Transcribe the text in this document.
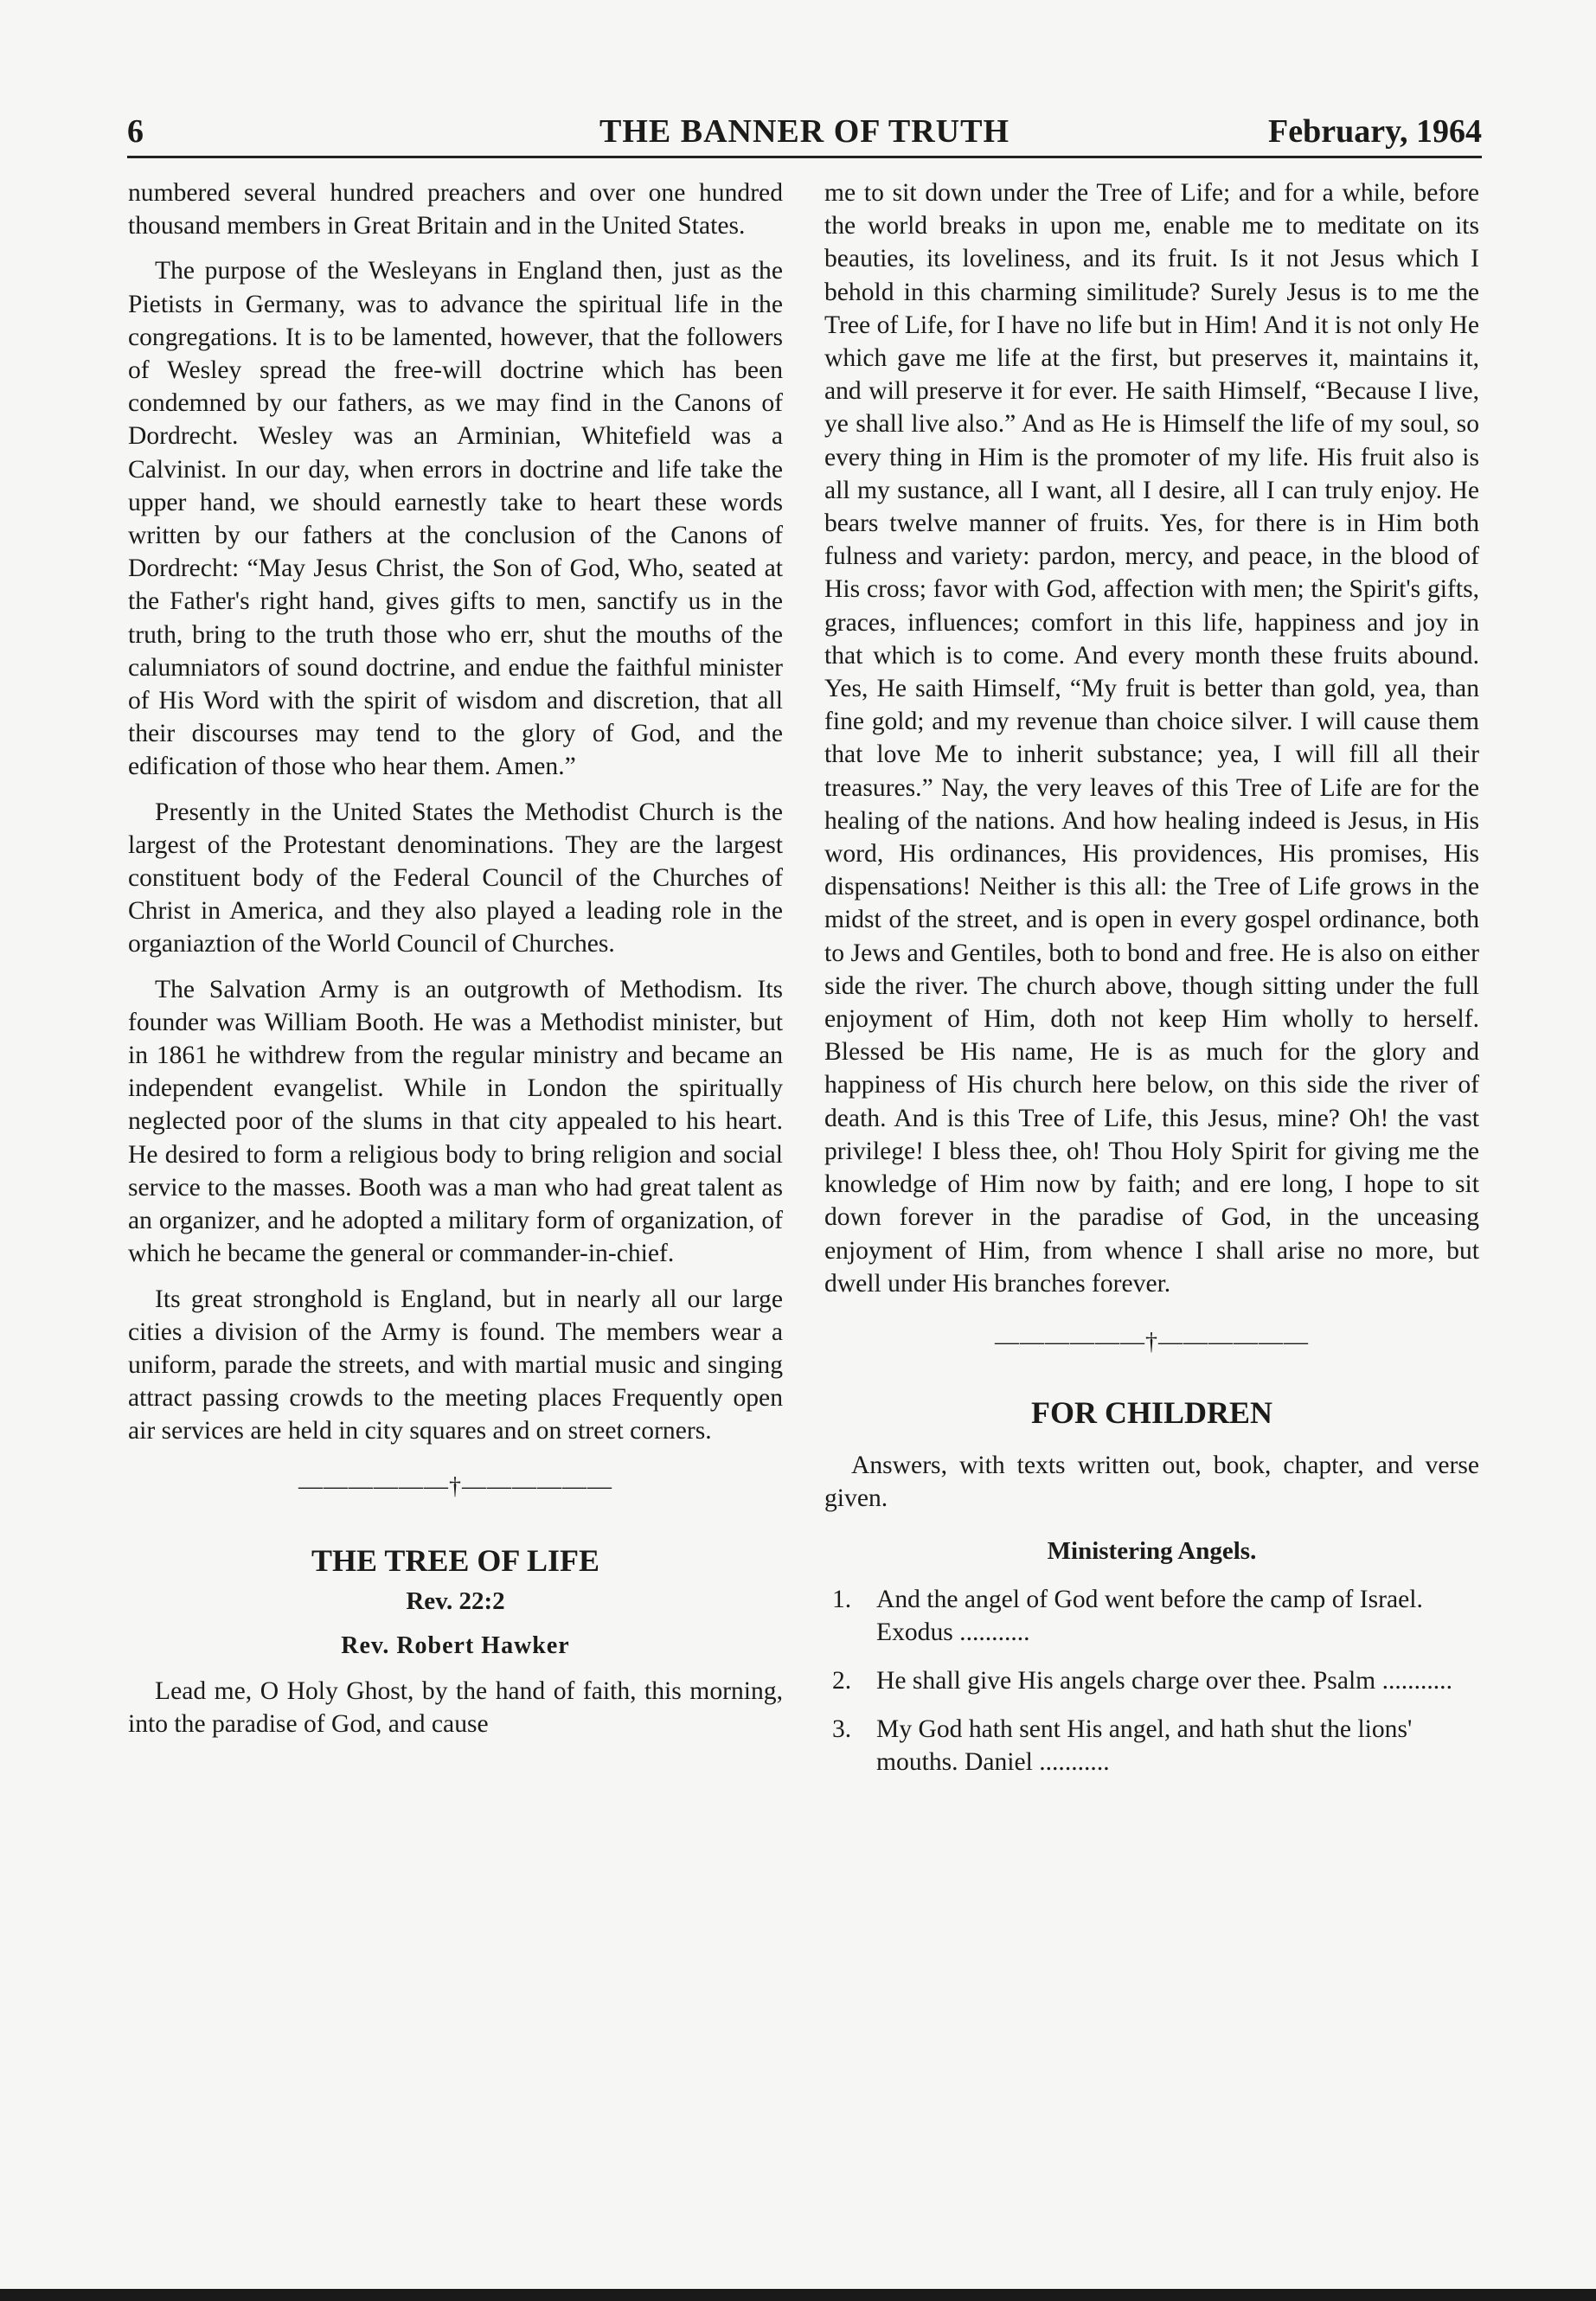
6	THE BANNER OF TRUTH	February, 1964

numbered several hundred preachers and over one hundred thousand members in Great Britain and in the United States.

The purpose of the Wesleyans in England then, just as the Pietists in Germany, was to advance the spiritual life in the congregations. It is to be lamented, however, that the followers of Wesley spread the free-will doctrine which has been condemned by our fathers, as we may find in the Canons of Dordrecht. Wesley was an Arminian, Whitefield was a Calvinist. In our day, when errors in doctrine and life take the upper hand, we should earnestly take to heart these words written by our fathers at the conclusion of the Canons of Dordrecht: “May Jesus Christ, the Son of God, Who, seated at the Father's right hand, gives gifts to men, sanctify us in the truth, bring to the truth those who err, shut the mouths of the calumniators of sound doctrine, and endue the faithful minister of His Word with the spirit of wisdom and discretion, that all their discourses may tend to the glory of God, and the edification of those who hear them. Amen.”

Presently in the United States the Methodist Church is the largest of the Protestant denominations. They are the largest constituent body of the Federal Council of the Churches of Christ in America, and they also played a leading role in the organiaztion of the World Council of Churches.

The Salvation Army is an outgrowth of Methodism. Its founder was William Booth. He was a Methodist minister, but in 1861 he withdrew from the regular ministry and became an independent evangelist. While in London the spiritually neglected poor of the slums in that city appealed to his heart. He desired to form a religious body to bring religion and social service to the masses. Booth was a man who had great talent as an organizer, and he adopted a military form of organization, of which he became the general or commander-in-chief.

Its great stronghold is England, but in nearly all our large cities a division of the Army is found. The members wear a uniform, parade the streets, and with martial music and singing attract passing crowds to the meeting places Frequently open air services are held in city squares and on street corners.

——————†——————
THE TREE OF LIFE
Rev. 22:2
Rev. Robert Hawker

Lead me, O Holy Ghost, by the hand of faith, this morning, into the paradise of God, and cause

me to sit down under the Tree of Life; and for a while, before the world breaks in upon me, enable me to meditate on its beauties, its loveliness, and its fruit. Is it not Jesus which I behold in this charming similitude? Surely Jesus is to me the Tree of Life, for I have no life but in Him! And it is not only He which gave me life at the first, but preserves it, maintains it, and will preserve it for ever. He saith Himself, “Because I live, ye shall live also.” And as He is Himself the life of my soul, so every thing in Him is the promoter of my life. His fruit also is all my sustance, all I want, all I desire, all I can truly enjoy. He bears twelve manner of fruits. Yes, for there is in Him both fulness and variety: pardon, mercy, and peace, in the blood of His cross; favor with God, affection with men; the Spirit's gifts, graces, influences; comfort in this life, happiness and joy in that which is to come. And every month these fruits abound. Yes, He saith Himself, “My fruit is better than gold, yea, than fine gold; and my revenue than choice silver. I will cause them that love Me to inherit substance; yea, I will fill all their treasures.” Nay, the very leaves of this Tree of Life are for the healing of the nations. And how healing indeed is Jesus, in His word, His ordinances, His providences, His promises, His dispensations! Neither is this all: the Tree of Life grows in the midst of the street, and is open in every gospel ordinance, both to Jews and Gentiles, both to bond and free. He is also on either side the river. The church above, though sitting under the full enjoyment of Him, doth not keep Him wholly to herself. Blessed be His name, He is as much for the glory and happiness of His church here below, on this side the river of death. And is this Tree of Life, this Jesus, mine? Oh! the vast privilege! I bless thee, oh! Thou Holy Spirit for giving me the knowledge of Him now by faith; and ere long, I hope to sit down forever in the paradise of God, in the unceasing enjoyment of Him, from whence I shall arise no more, but dwell under His branches forever.

——————†——————
FOR CHILDREN

Answers, with texts written out, book, chapter, and verse given.

Ministering Angels.
1. And the angel of God went before the camp of Israel. Exodus ...........
2. He shall give His angels charge over thee. Psalm ...........
3. My God hath sent His angel, and hath shut the lions' mouths. Daniel ...........
